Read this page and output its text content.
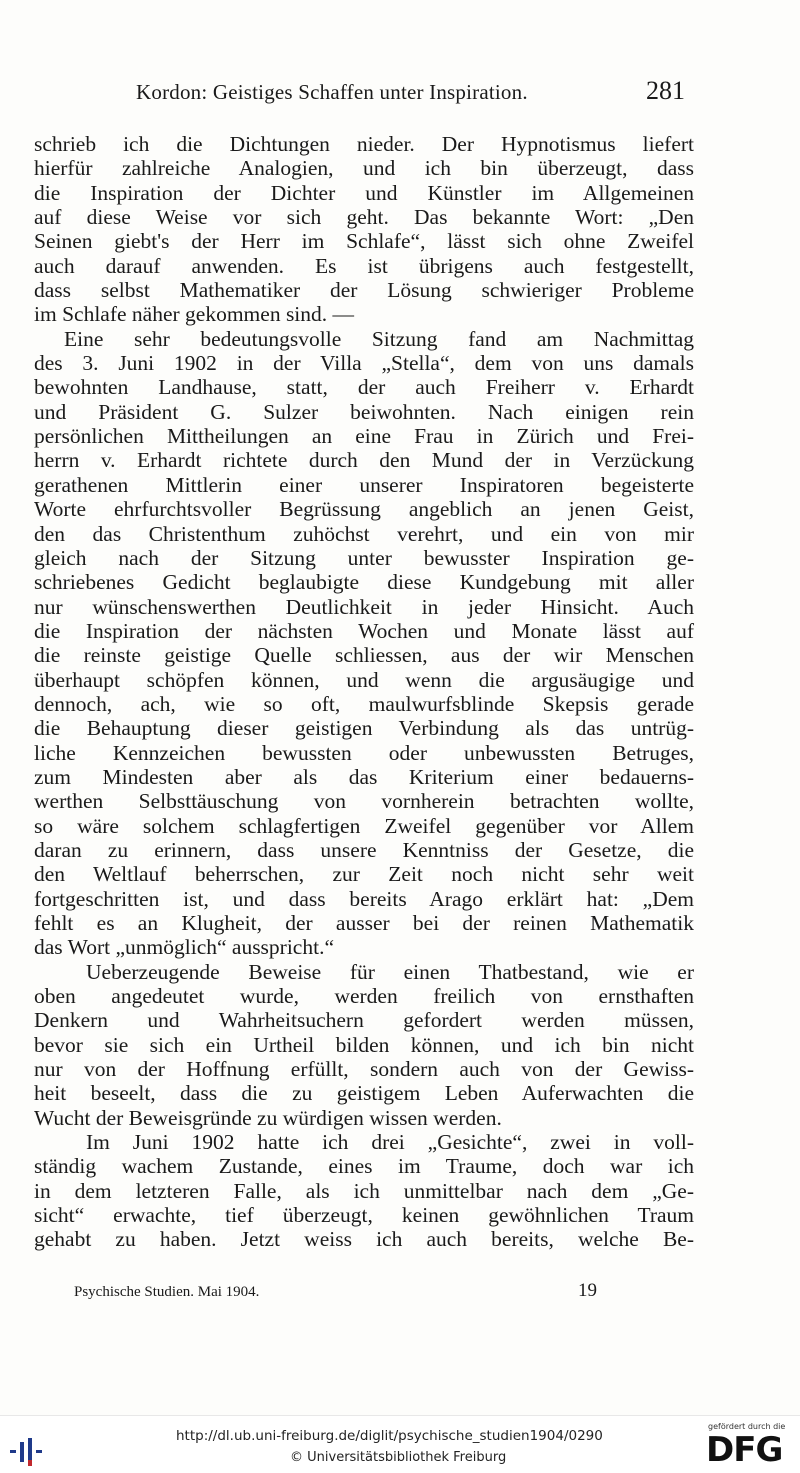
Kordon: Geistiges Schaffen unter Inspiration.	281
schrieb ich die Dichtungen nieder. Der Hypnotismus liefert
hierfür zahlreiche Analogien, und ich bin überzeugt, dass
die Inspiration der Dichter und Künstler im Allgemeinen
auf diese Weise vor sich geht. Das bekannte Wort: „Den
Seinen giebt's der Herr im Schlafe“, lässt sich ohne Zweifel
auch darauf anwenden. Es ist übrigens auch festgestellt,
dass selbst Mathematiker der Lösung schwieriger Probleme
im Schlafe näher gekommen sind. —
Eine sehr bedeutungsvolle Sitzung fand am Nachmittag
des 3. Juni 1902 in der Villa „Stella“, dem von uns damals
bewohnten Landhause, statt, der auch Freiherr v. Erhardt
und Präsident G. Sulzer beiwohnten. Nach einigen rein
persönlichen Mittheilungen an eine Frau in Zürich und Frei-
herrn v. Erhardt richtete durch den Mund der in Verzückung
gerathenen Mittlerin einer unserer Inspiratoren begeisterte
Worte ehrfurchtsvoller Begrüssung angeblich an jenen Geist,
den das Christenthum zuhöchst verehrt, und ein von mir
gleich nach der Sitzung unter bewusster Inspiration ge-
schriebenes Gedicht beglaubigte diese Kundgebung mit aller
nur wünschenswerthen Deutlichkeit in jeder Hinsicht. Auch
die Inspiration der nächsten Wochen und Monate lässt auf
die reinste geistige Quelle schliessen, aus der wir Menschen
überhaupt schöpfen können, und wenn die argusäugige und
dennoch, ach, wie so oft, maulwurfsblinde Skepsis gerade
die Behauptung dieser geistigen Verbindung als das untrüg-
liche Kennzeichen bewussten oder unbewussten Betruges,
zum Mindesten aber als das Kriterium einer bedauerns-
werthen Selbsttäuschung von vornherein betrachten wollte,
so wäre solchem schlagfertigen Zweifel gegenüber vor Allem
daran zu erinnern, dass unsere Kenntniss der Gesetze, die
den Weltlauf beherrschen, zur Zeit noch nicht sehr weit
fortgeschritten ist, und dass bereits Arago erklärt hat: „Dem
fehlt es an Klugheit, der ausser bei der reinen Mathematik
das Wort „unmöglich“ ausspricht.“
Ueberzeugende Beweise für einen Thatbestand, wie er
oben angedeutet wurde, werden freilich von ernsthaften
Denkern und Wahrheitsuchern gefordert werden müssen,
bevor sie sich ein Urtheil bilden können, und ich bin nicht
nur von der Hoffnung erfüllt, sondern auch von der Gewiss-
heit beseelt, dass die zu geistigem Leben Auferwachten die
Wucht der Beweisgründe zu würdigen wissen werden.
Im Juni 1902 hatte ich drei „Gesichte“, zwei in voll-
ständig wachem Zustande, eines im Traume, doch war ich
in dem letzteren Falle, als ich unmittelbar nach dem „Ge-
sicht“ erwachte, tief überzeugt, keinen gewöhnlichen Traum
gehabt zu haben. Jetzt weiss ich auch bereits, welche Be-
Psychische Studien. Mai 1904.	19
http://dl.ub.uni-freiburg.de/diglit/psychische_studien1904/0290
© Universitätsbibliothek Freiburg
gefördert durch die
DFG
